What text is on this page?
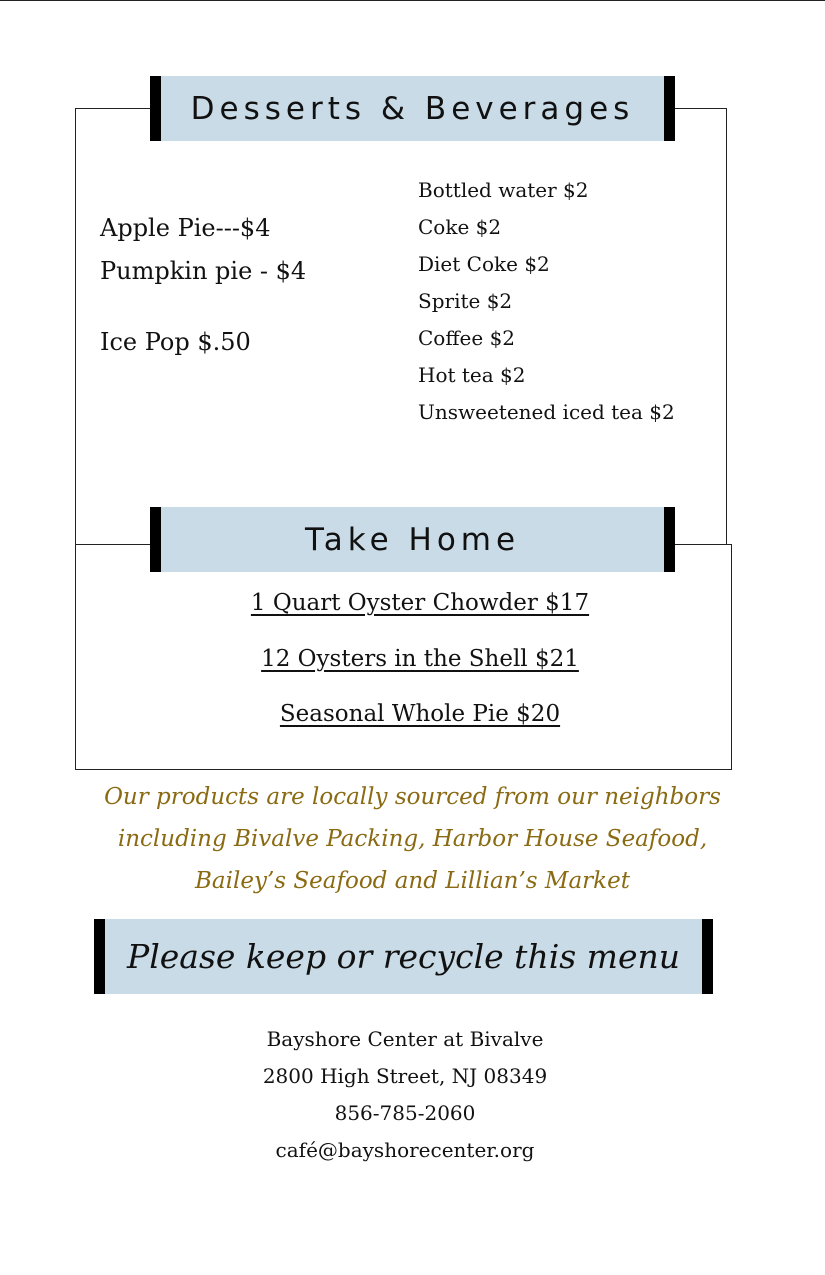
Desserts & Beverages
Apple Pie---$4
Pumpkin pie - $4
Ice Pop $.50
Bottled water $2
Coke $2
Diet Coke $2
Sprite $2
Coffee $2
Hot tea $2
Unsweetened iced tea $2
Take Home
1 Quart Oyster Chowder $17
12 Oysters in the Shell $21
Seasonal Whole Pie $20
Our products are locally sourced from our neighbors
including Bivalve Packing, Harbor House Seafood,
Bailey’s Seafood and Lillian’s Market
Please keep or recycle this menu
Bayshore Center at Bivalve
2800 High Street, NJ 08349
856-785-2060
café@bayshorecenter.org
